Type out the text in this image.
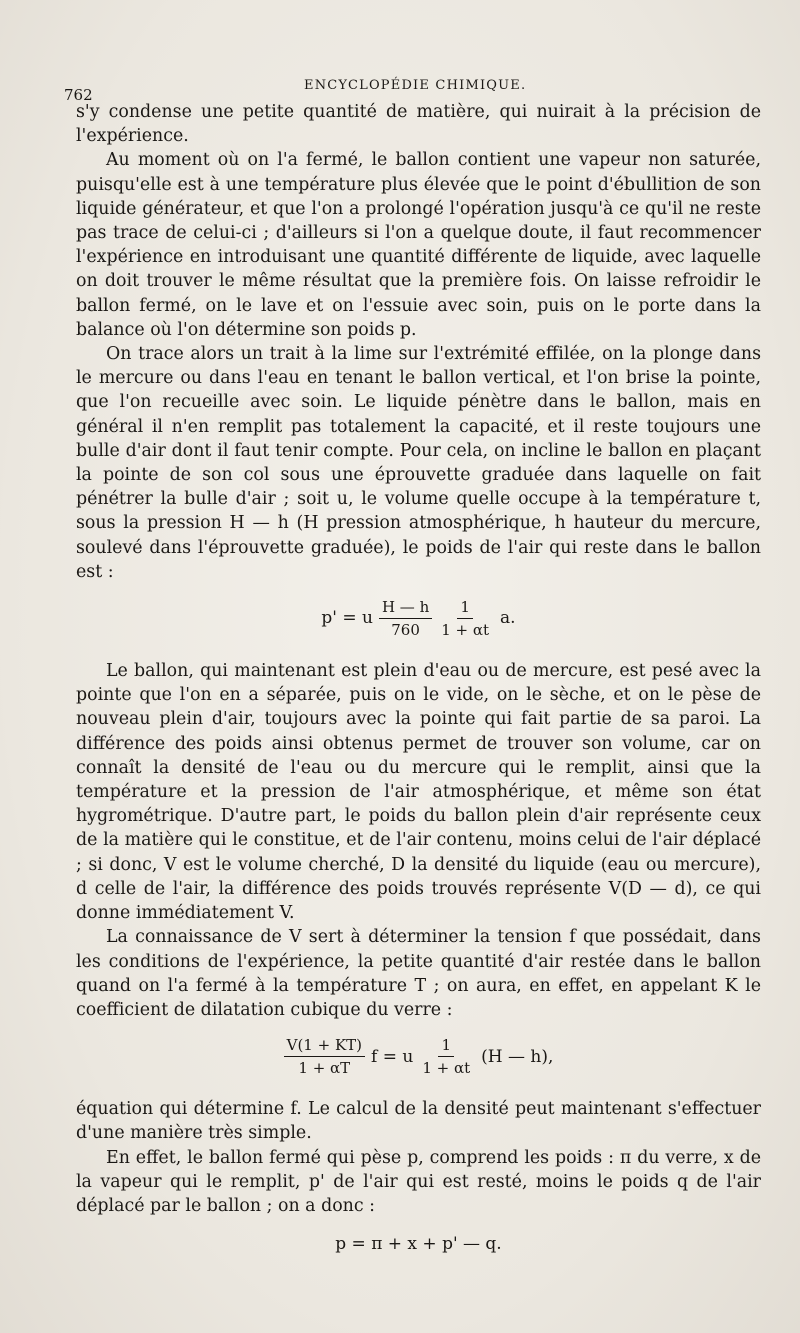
762
ENCYCLOPÉDIE CHIMIQUE.

s'y condense une petite quantité de matière, qui nuirait à la précision de l'expérience.

Au moment où on l'a fermé, le ballon contient une vapeur non saturée, puisqu'elle est à une température plus élevée que le point d'ébullition de son liquide générateur, et que l'on a prolongé l'opération jusqu'à ce qu'il ne reste pas trace de celui-ci ; d'ailleurs si l'on a quelque doute, il faut recommencer l'expérience en introduisant une quantité différente de liquide, avec laquelle on doit trouver le même résultat que la première fois. On laisse refroidir le ballon fermé, on le lave et on l'essuie avec soin, puis on le porte dans la balance où l'on détermine son poids p.

On trace alors un trait à la lime sur l'extrémité effilée, on la plonge dans le mercure ou dans l'eau en tenant le ballon vertical, et l'on brise la pointe, que l'on recueille avec soin. Le liquide pénètre dans le ballon, mais en général il n'en remplit pas totalement la capacité, et il reste toujours une bulle d'air dont il faut tenir compte. Pour cela, on incline le ballon en plaçant la pointe de son col sous une éprouvette graduée dans laquelle on fait pénétrer la bulle d'air ; soit u, le volume quelle occupe à la température t, sous la pression H — h (H pression atmosphérique, h hauteur du mercure, soulevé dans l'éprouvette graduée), le poids de l'air qui reste dans le ballon est :

p' = u $\frac{H — h}{760} \frac{1}{1 + \alpha t} a$.

Le ballon, qui maintenant est plein d'eau ou de mercure, est pesé avec la pointe que l'on en a séparée, puis on le vide, on le sèche, et on le pèse de nouveau plein d'air, toujours avec la pointe qui fait partie de sa paroi. La différence des poids ainsi obtenus permet de trouver son volume, car on connaît la densité de l'eau ou du mercure qui le remplit, ainsi que la température et la pression de l'air atmosphérique, et même son état hygrométrique. D'autre part, le poids du ballon plein d'air représente ceux de la matière qui le constitue, et de l'air contenu, moins celui de l'air déplacé ; si donc, V est le volume cherché, D la densité du liquide (eau ou mercure), d celle de l'air, la différence des poids trouvés représente V(D — d), ce qui donne immédiatement V.

La connaissance de V sert à déterminer la tension f que possédait, dans les conditions de l'expérience, la petite quantité d'air restée dans le ballon quand on l'a fermé à la température T ; on aura, en effet, en appelant K le coefficient de dilatation cubique du verre :

$\frac{V(1 + KT)}{1 + \alpha T}$ f = u $\frac{1}{1 + \alpha t} (H$ — h),

équation qui détermine f. Le calcul de la densité peut maintenant s'effectuer d'une manière très simple.

En effet, le ballon fermé qui pèse p, comprend les poids : π du verre, x de la vapeur qui le remplit, p' de l'air qui est resté, moins le poids q de l'air déplacé par le ballon ; on a donc :

p = π + x + p' — q.
